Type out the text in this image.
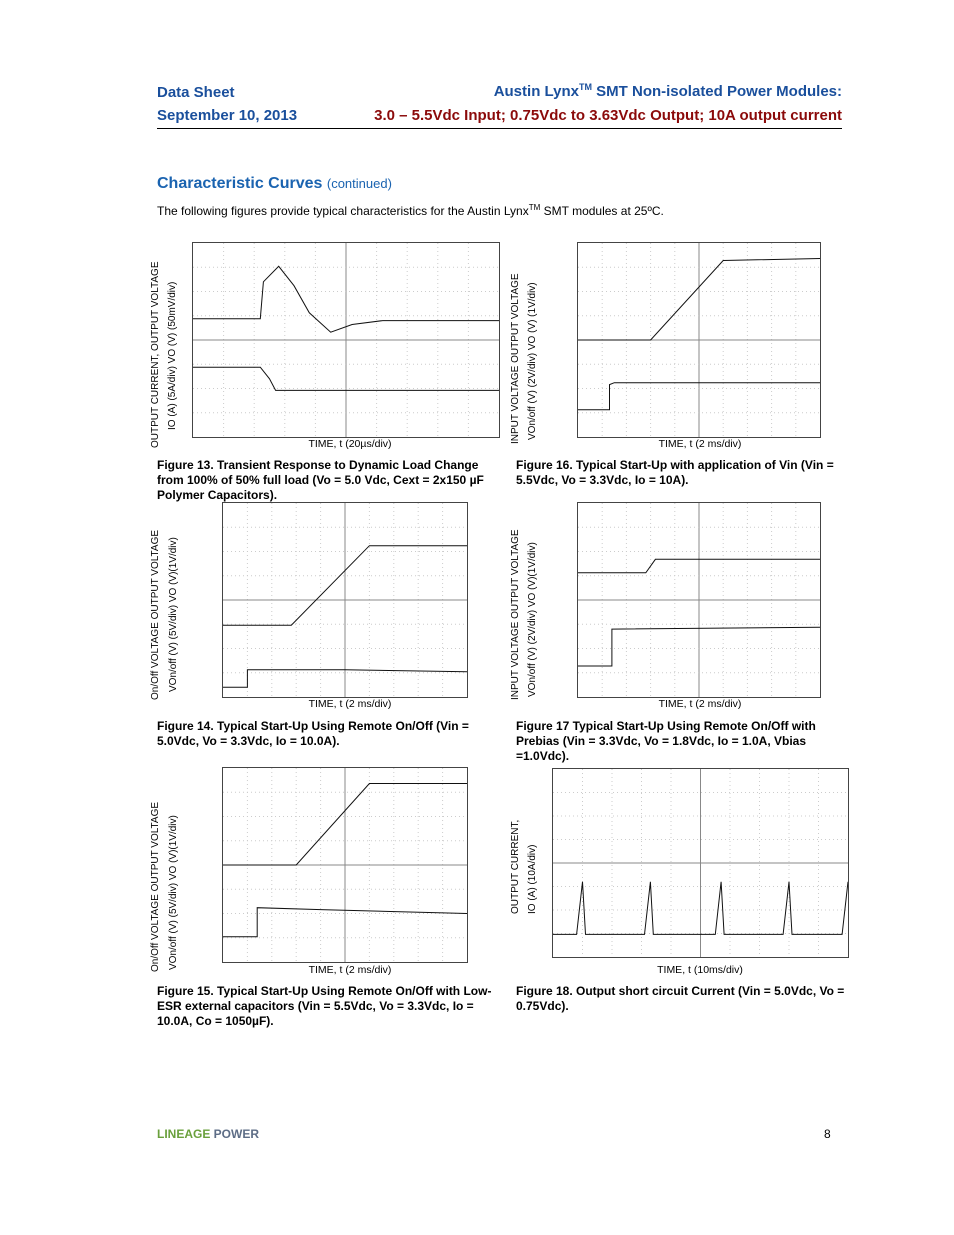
Data Sheet	Austin Lynx™ SMT Non-isolated Power Modules:
September 10, 2013	3.0 – 5.5Vdc Input; 0.75Vdc to 3.63Vdc Output; 10A output current
Characteristic Curves (continued)
The following figures provide typical characteristics for the Austin Lynx™ SMT modules at 25ºC.
OUTPUT CURRENT, OUTPUT VOLTAGE IO (A) (5A/div) VO (V) (50mV/div)	INPUT VOLTAGE OUTPUT VOLTAGE VOn/off (V) (2V/div) VO (V) (1V/div)
On/Off VOLTAGE OUTPUT VOLTAGE VOn/off (V) (5V/div) VO (V)(1V/div)	INPUT VOLTAGE OUTPUT VOLTAGE VOn/off (V) (2V/div) VO (V)(1V/div)
On/Off VOLTAGE OUTPUT VOLTAGE VOn/off (V) (5V/div) VO (V)(1V/div)	OUTPUT CURRENT, IO (A) (10A/div)
TIME, t (20µs/div)	TIME, t (2 ms/div)
TIME, t (2 ms/div)	TIME, t (2 ms/div)
TIME, t (2 ms/div)	TIME, t (10ms/div)
Figure 13. Transient Response to Dynamic Load Change from 100% of 50% full load (Vo = 5.0 Vdc, Cext = 2x150 µF Polymer Capacitors).
Figure 16. Typical Start-Up with application of Vin (Vin = 5.5Vdc, Vo = 3.3Vdc, Io = 10A).
Figure 14. Typical Start-Up Using Remote On/Off (Vin = 5.0Vdc, Vo = 3.3Vdc, Io = 10.0A).
Figure 17 Typical Start-Up Using Remote On/Off with Prebias (Vin = 3.3Vdc, Vo = 1.8Vdc, Io = 1.0A, Vbias =1.0Vdc).
Figure 15. Typical Start-Up Using Remote On/Off with Low-ESR external capacitors (Vin = 5.5Vdc, Vo = 3.3Vdc, Io = 10.0A, Co = 1050µF).
Figure 18. Output short circuit Current (Vin = 5.0Vdc, Vo = 0.75Vdc).
LINEAGE POWER	8
